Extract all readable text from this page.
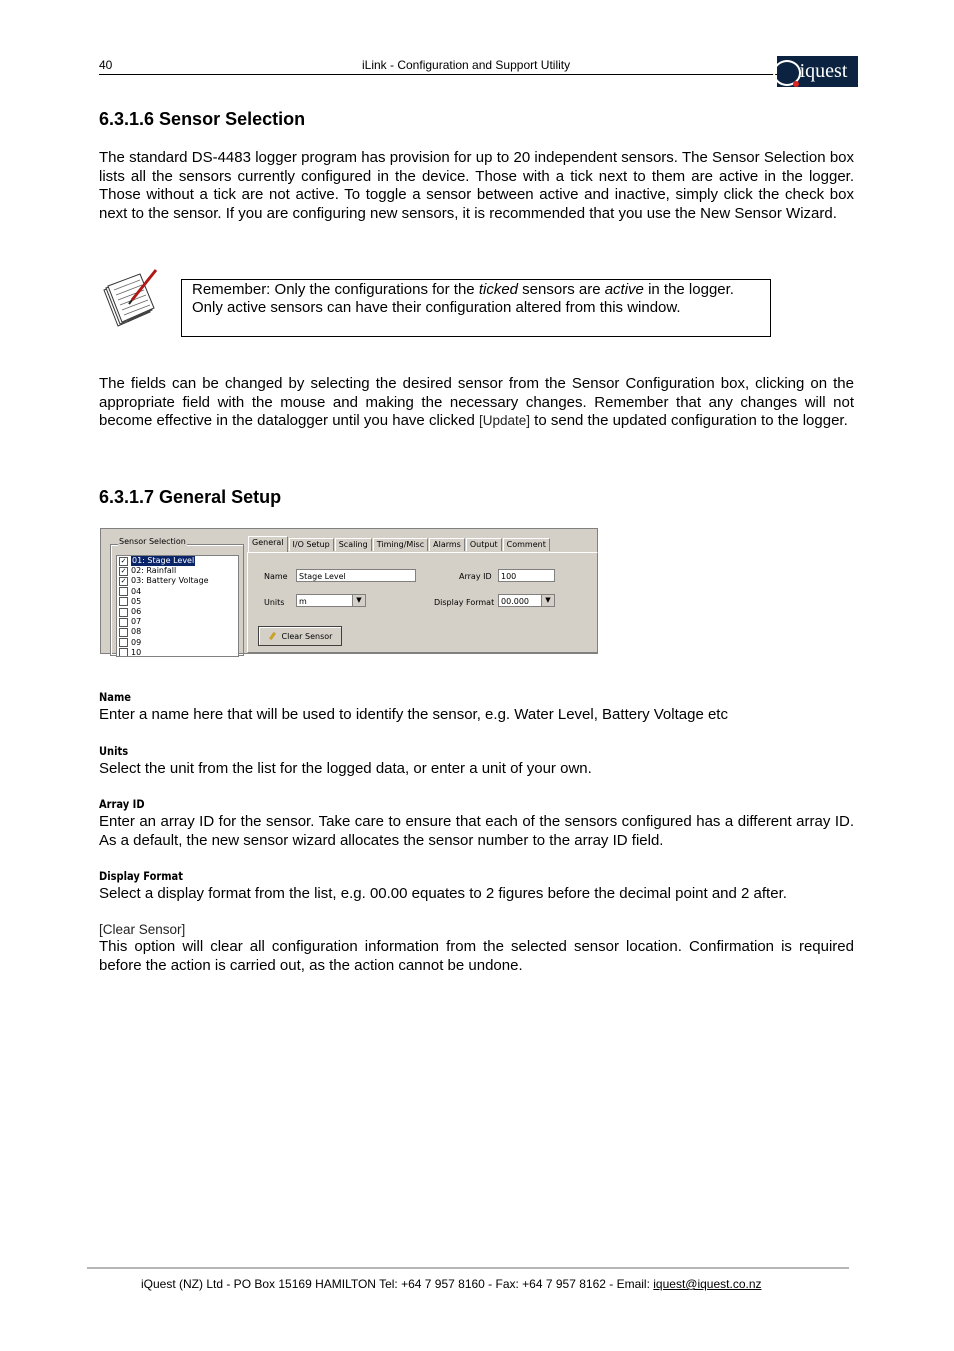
40	iLink - Configuration and Support Utility	iquest
6.3.1.6 Sensor Selection
The standard DS-4483 logger program has provision for up to 20 independent sensors. The Sensor Selection box lists all the sensors currently configured in the device. Those with a tick next to them are active in the logger. Those without a tick are not active. To toggle a sensor between active and inactive, simply click the check box next to the sensor. If you are configuring new sensors, it is recommended that you use the New Sensor Wizard.
Remember: Only the configurations for the ticked sensors are active in the logger. Only active sensors can have their configuration altered from this window.
The fields can be changed by selecting the desired sensor from the Sensor Configuration box, clicking on the appropriate field with the mouse and making the necessary changes. Remember that any changes will not become effective in the datalogger until you have clicked [Update] to send the updated configuration to the logger.
6.3.1.7 General Setup
Sensor Selection
✓ 01: Stage Level
✓ 02: Rainfall
✓ 03: Battery Voltage
04
05
06
07
08
09
10
General	I/O Setup	Scaling	Timing/Misc	Alarms	Output	Comment
Name	Stage Level	Array ID	100
Units	m	▼	Display Format 00.000	▼
Clear Sensor
Name
Enter a name here that will be used to identify the sensor, e.g. Water Level, Battery Voltage etc
Units
Select the unit from the list for the logged data, or enter a unit of your own.
Array ID
Enter an array ID for the sensor. Take care to ensure that each of the sensors configured has a different array ID. As a default, the new sensor wizard allocates the sensor number to the array ID field.
Display Format
Select a display format from the list, e.g. 00.00 equates to 2 figures before the decimal point and 2 after.
[Clear Sensor]
This option will clear all configuration information from the selected sensor location. Confirmation is required before the action is carried out, as the action cannot be undone.
iQuest (NZ) Ltd - PO Box 15169 HAMILTON Tel: +64 7 957 8160 - Fax: +64 7 957 8162 - Email: iquest@iquest.co.nz
